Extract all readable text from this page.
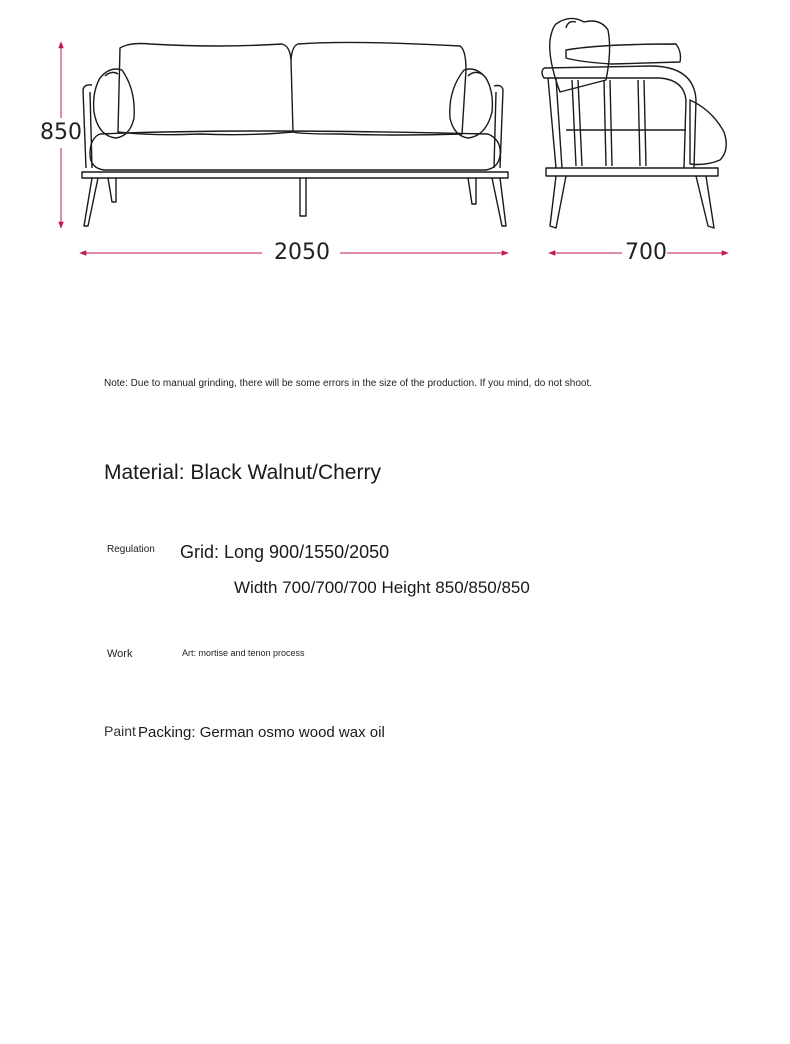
850
2050	700
Note: Due to manual grinding, there will be some errors in the size of the production. If you mind, do not shoot.
Material: Black Walnut/Cherry
Regulation Grid: Long 900/1550/2050
Width 700/700/700 Height 850/850/850
Work	Art: mortise and tenon process
Paint Packing: German osmo wood wax oil
